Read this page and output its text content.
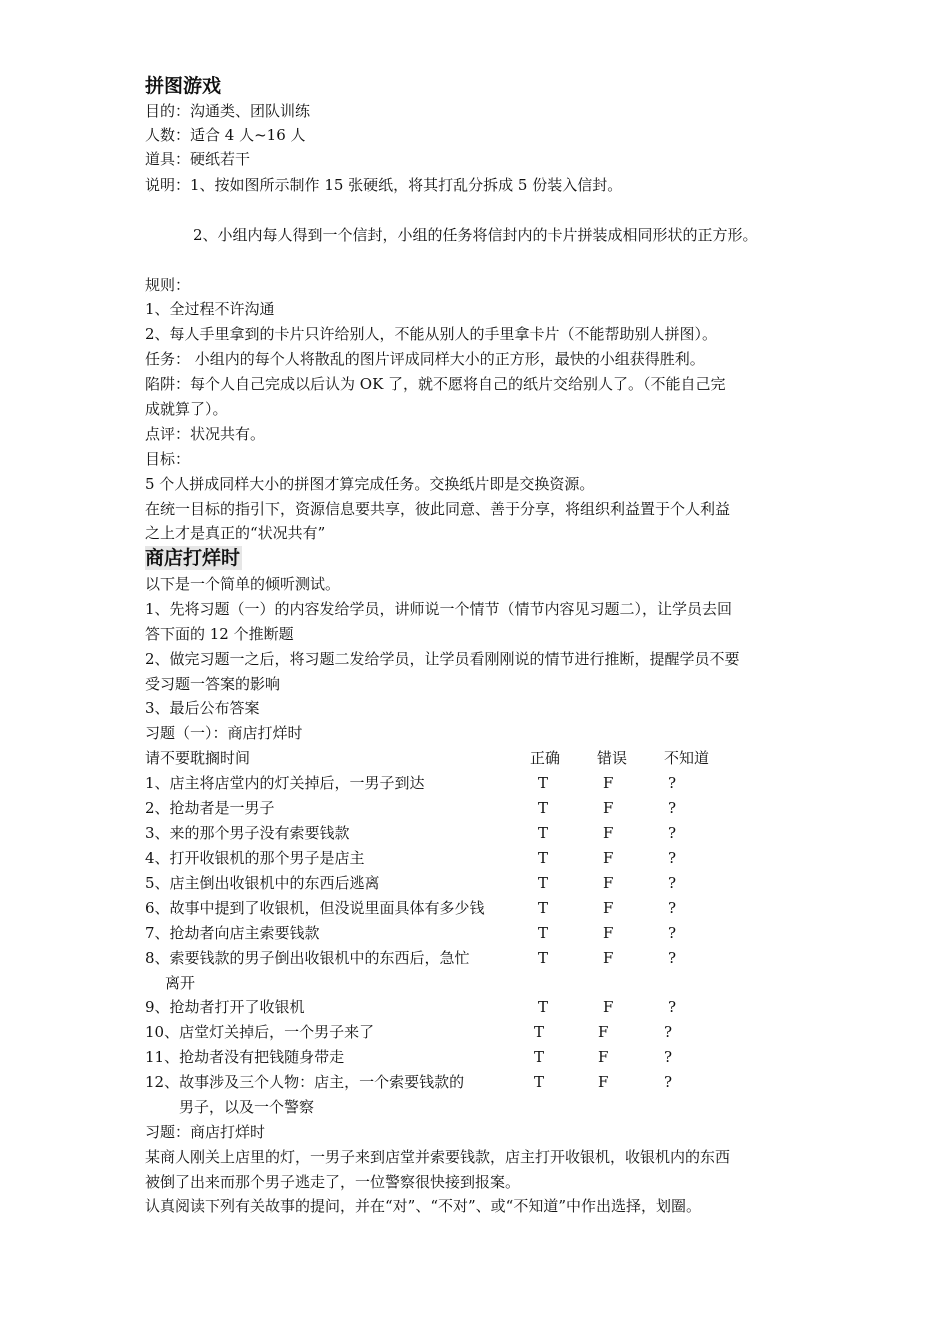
拼图游戏
目的：沟通类、团队训练
人数：适合 4 人~16 人
道具：硬纸若干
说明：1、按如图所示制作 15 张硬纸，将其打乱分拆成 5 份装入信封。
2、小组内每人得到一个信封，小组的任务将信封内的卡片拼装成相同形状的正方形。
规则：
1、全过程不许沟通
2、每人手里拿到的卡片只许给别人，不能从别人的手里拿卡片（不能帮助别人拼图）。
任务： 小组内的每个人将散乱的图片评成同样大小的正方形，最快的小组获得胜利。
陷阱：每个人自己完成以后认为 OK 了，就不愿将自己的纸片交给别人了。（不能自己完
成就算了）。
点评：状况共有。
目标：
5 个人拼成同样大小的拼图才算完成任务。交换纸片即是交换资源。
在统一目标的指引下，资源信息要共享，彼此同意、善于分享，将组织利益置于个人利益
之上才是真正的“状况共有”
商店打烊时
以下是一个简单的倾听测试。
1、先将习题（一）的内容发给学员，讲师说一个情节（情节内容见习题二），让学员去回
答下面的 12 个推断题
2、做完习题一之后，将习题二发给学员，让学员看刚刚说的情节进行推断，提醒学员不要
受习题一答案的影响
3、最后公布答案
习题（一）：商店打烊时
请不要耽搁时间	正确 错误 不知道
1、店主将店堂内的灯关掉后，一男子到达	T	F	?
2、抢劫者是一男子	T	F	?
3、来的那个男子没有索要钱款	T	F	?
4、打开收银机的那个男子是店主	T	F	?
5、店主倒出收银机中的东西后逃离	T	F	?
6、故事中提到了收银机，但没说里面具体有多少钱	T	F	?
7、抢劫者向店主索要钱款	T	F	?
8、索要钱款的男子倒出收银机中的东西后，急忙	T	F	?
离开
9、抢劫者打开了收银机	T	F	?
10、店堂灯关掉后，一个男子来了	T	F	?
11、抢劫者没有把钱随身带走	T	F	?
12、故事涉及三个人物：店主，一个索要钱款的	T	F	?
男子，以及一个警察
习题：商店打烊时
某商人刚关上店里的灯，一男子来到店堂并索要钱款，店主打开收银机，收银机内的东西
被倒了出来而那个男子逃走了，一位警察很快接到报案。
认真阅读下列有关故事的提问，并在“对”、“不对”、或“不知道”中作出选择，划圈。
